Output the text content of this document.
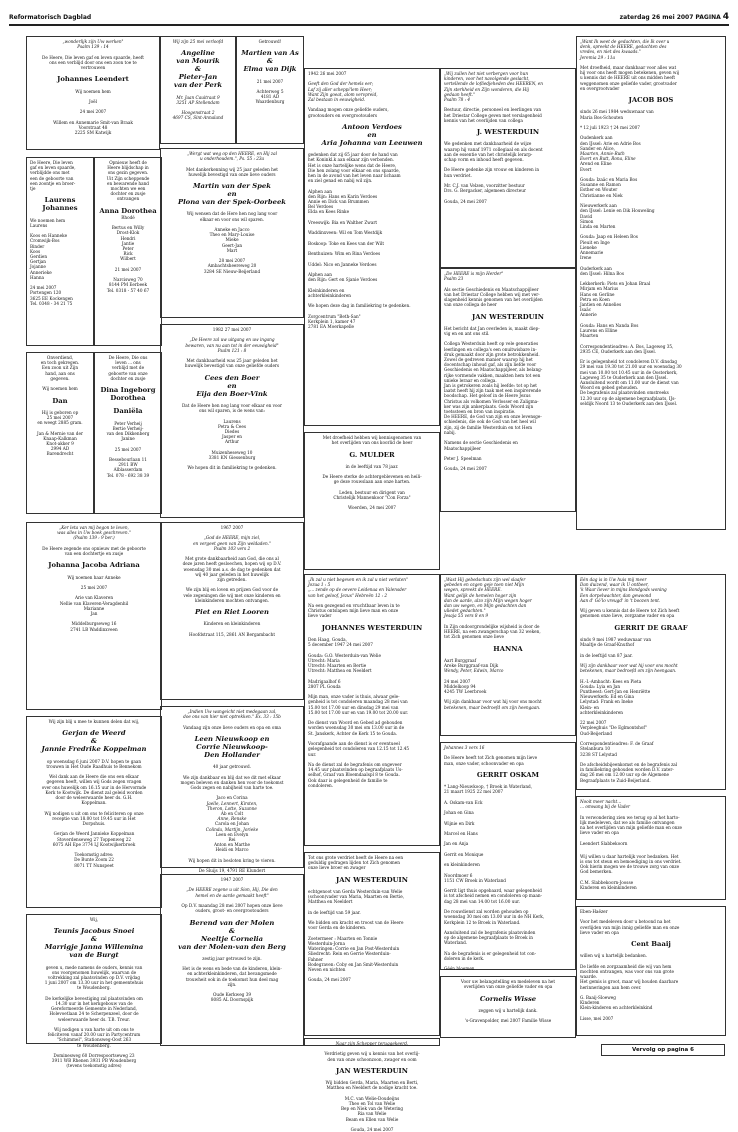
Reformatorisch Dagblad	zaterdag 26 mei 2007 PAGINA 4
„wonderlijk zijn Uw werken"
Psalm 139 : 14

De Heere, Die leven gaf en leven spaarde, heeft
ons een verblijd door ons een zoon toe te
vertrouwen

Johannes Leendert

Wij noemen hem

Joël

24 mei 2007

Willem en Annemarie Smit-van Braak
Voorstraat 48
2225 SM Katwijk
Wij zijn 25 mei verloofd

Angeline
van Mourik
&
Pieter-Jan
van der Perk

Mr. Jaan Cauitraat 9
3251 AP Stellendam

Hoogenstraat 2
4697 CS, Sint-Annaland
Getrouwd!

Martien van As
&
Elma van Dijk

21 mei 2007

Achterweg 5
4181 AD
Waardenburg
De Heere, Die leven
gaf en leven spaarde,
verblijdde ons met
een de geboorte van
een zoontje en broer-
tje

Laurens
Johannes

We noemen hem
Laurens

Koos en Hanneke
Cromwijk-Bos
Binder
Koos
Gerdien
Gertjan
Jojanne
Annerieke
Hanna

24 mei 2007
Portengen 120
3625 EE Kockengen
Tel. 0348 - 34 21 75
Opnieuw heeft de
Heere blijdschap in
ons gezin gegeven.
Uit Zijn scheppende
en bewarende hand
mochten we een
dochter en zusje
ontvangen

Anna Dorothea
Rhodé

Bertus en Willy
Drost-Klok
Hendri
Jantie
Peter
Rick
Wilbert

21 mei 2007

Narcisweg 70
8144 PM Eerbeek
Tel. 0318 - 57 40 67
Onverdiend,
en toch gekregen.
Een zoon uit Zijn
hand, aan ons
gegeven.

Wij noemen hem

Dan

Hij is geboren op
25 mei 2007
en weegt 2885 gram.

Jan & Mernie van der
Knaap-Kalkman
Knot-akker 9
2994 AD
Barendrecht
De Heere, Die ons
leven ... ons
verblijd met de
geboorte van onze
dochter en zusje

Dina Ingeborg
Dorothea

Daniëla

Peter Verheij
Bertie Verheij-
van den Dikkenberg
Janine

25 mei 2007

Bessebourlaan 11
2911 BW
Alblasserdam
Tel. 078 - 692 38 39
„Ker leta van mij begon te leven,
was alles in Uw boek geschreven."
(Psalm 139 : 9 ber.)

De Heere zegende ons opnieuw met de geboorte
van een dochtertje en zusje

Johanna Jacoba Adriana

Wij noemen haar Anneke

25 mei 2007

Arie van Klaveren
Nellie van Klaveren-Veragdenhil
Marianne
Jan

Middelburgseweg 16
2741 LB Waddinxveen
Wij zijn blij u mee te kunnen delen dat wij,

Gerjan de Weerd
&
Jannie Fredrike Koppelman

op woensdag 6 juni 2007 D.V. hopen te gaan
trouwen in Het Oude Raadhuis te Bennekom

Wel dank aan de Heere die ons een elkaar
gegeven heeft, willen wij Gods zegen vragen
over ons huwelijk om 16.15 uur in de Hervormde
Kerk te Kootwijk. De dienst zal geleid worden
door de weleerwaarde heer ds. G.H.
Koppelman.

Wij nodigen u uit om ons te feliciteren op onze
receptie van 18.00 tot 19.45 uur in Het
Dorpshuis.

Gerjan de Weerd Jannieke Koppelman
Stoverdenseweg 27 Toppenweg 22
6075 AH Epe 3774 LJ Kootwijkerbroek

Toekomstig adres:
De Bunte Zoom 22
8071 TT Nunspeet
Wij,

Teunis Jacobus Snoei
&
Marrigje Janna Willemina
van de Burgt

geven u, mede namens de ouders, kennis van
ons voorgenomen huwelijk, waarvan de
voltrekking zal plaatsvinden op D.V. vrijdag
1 juni 2007 om 13.30 uur in het gemeentehuis
te Woudenberg.

De kerkelijke bevestiging zal plaatsvinden om
14.30 uur in het kerkgebouw van de
Gereformeerde Gemeente in Nederland,
Holevoetlaan 24 te Scherpenzeel, door de
weleerwaarde heer ds. T.B. Treur.

Wij nodigen u van harte uit om ons te
feliciteren vanaf 20.00 uur in Partycentrum
"Schimmel", Stationsweg-Oost 263
te Woudenberg.

Dominesweg 60 Dorrespoortseweg 23
3911 WB Rhenen 3931 PB Woudenberg
(tevens toekomstig adres)
„Wergt wat weg op den HEERE, en Hij zal
u onderhoudem.", Ps. 55 : 23a

Met dankerkenning wij 25 jaar geleden het
huwelijk bevestigd van onze lieve ouders

Martin van der Spek
en
Plona van der Spek-Oorbeek

Wij wensen dat de Here hen nog lang voor
elkaar en voor ons wil sparen.

Anneke en Jacco
Theo en Mary-Louise
Mieke
Geert-Jan
Mart

28 mei 2007
Ambachtsheereweg 20
3284 SE Nieuw-Beijerland
1982 27 mei 2007

„De Heere zal uw uitgang en uw ingang
bewaren, van nu aan tot in der eeuwigheid"
Psalm 121 : 8

Met dankbaarheid was 25 jaar geleden het
huwelijk bevestigd van onze geliefde ouders

Cees den Boer
en
Eija den Boer-Vink

Dat de Heere hen nog lang voor elkaar en voor
ons wil sparen, is de wens van:

Laurens
Petra & Cees
Diedes
Jasper en
Arthur

Muizenheseweg 10
3381 KN Giessenburg

We hopen dit in familiekring te gedenken.
1967 2007

„God de HEERE, mijn ziel,
en vergeet geen van Zijn weldaden."
Psalm 103 vers 2

Met grote dankbaarheid aan God, die ons al
deze jaren heeft gesloechen, hopen wij op D.V.
woensdag 30 mei a.s. de dag te gedenken dat
wij 40 jaar geleden in het huwelijk
zijn getreden.

We zijn blij en loven en prijzen God voor de
vele zegeningen die wij met onze kinderen en
kleinkinderen mochten ontvangen.

Piet en Riet Looren

Kinderen en kleinkinderen

Hoofdstraat 115, 2861 AN Bergambacht
„Indien Uw wangeicht niet medegaan zal,
doe ons van hier niet optrekken." Ex. 33 : 15b

Vandaag zijn onze lieve ouders en opa en oma

Leen Nieuwkoop en
Corrie Nieuwkoop-
Den Hollander

40 jaar getrouwd.

We zijn dankbaar en blij dat we dit met elkaar
mogen beleven en danken hen voor de toekomst
Gods zegen en nabijheid van harte toe.

Jaco en Corina
Jaelle, Lennert, Kirsten,
Theron, Lotte, Suzanne
Ab en Colt
Anne, Renske
Carola en Johan
Colinda, Martijn, Jorieke
Leen en Evelyn
Rei
Anton en Marthe
Heidi en Marco

Wij hopen dit in besloten kring te vieren.

De Sluijs 19, 4791 RE Klundert
1947 2007

„De HEERE zegene u uit Sion, Hij, Die den
hemel en de aarde gemaakt heeft"

Op D.V. maandag 28 mei 2007 hopen onze lieve
ouders, groot- en overgrootouders

Berend van der Molen
&
Neeltje Cornelia
van der Molen-van den Berg

zestig jaar getrouwd te zijn.

Het is de wens en bede van de kinderen, klein-
en achterkleinkinderen, dat bevangsmede
trouwheit ook in de toekomst hun deel mag
zijn.

Oude Kerkweg 39
8085 AL Doornspijk
1942 26 mei 2007

Geeft den God der hemels eer;
Laf zij aller scheppi'lem Heer;
Want Zijn goeat, alom vervpreid,
Zal bestaan in eeuwigheid.

Vandaag mogen onze geliefde ouders,
grootouders en overgrootouders

Antoon Verdoes
en
Aria Johanna van Leeuwen

gedenken dat zij 65 jaar door de hand van
het Koninkl.k aan elkaar zijn verbonden.
Het is onze hartelijke wens dat de Heere,
Die hen zolang voor elkaar en ons spaarde,
hen in de avond van het leven naar lichaam
en ziel genad en nabij wil zijn.

Alphen aan
den Rijn: Hans en Karin Verdoes
Annie en Dick van Brummen
Bel Verdoes
Elda en Kees Rinke

Vreeswijk: Bia en Walther Zwart

Waddinxveen: Wil en Tom Westdijk

Boskoop: Toke en Kees van der Wilt

Benthuizen: Wim en Rina Verdoes

Uddel: Nico en Janneke Verdoes

Alphen aan
den Rijn: Gert en Sjanie Verdoes

Kleinkinderen en
achterkleinkinderen

We hopen deze dag in familiekring te gedenken.

Zorgcentrum "Beth-San"
Kerkplein 1, kamer 47
2781 EA Moerkapelle
Met droefheid hebben wij kennisgenomen van
het overlijden van ons koorlid de heer

G. MULDER

in de leeftijd van 78 jaar.

De Heere sterke de achtergeblevenen en heili-
ge deze rouwslaan aan onze harten.

Leden, bestuur en dirigent van
Christelijk Mannenkoor "Con Forza"

Woerden, 24 mei 2007
„Wij zullen het niet verbergen voor hun
kinderen, voor het navolgende geslacht,
vertellende de lofliedjeheden des HEEREN, en
Zijn sterkheid en Zijn wonderen, die Hij
gedaan heeft."
Psalm 78 : 4

Bestuur, directie, personeel en leerlingen van
het Driestar College geven met verslagenheid
kennis van het overlijden van collega

J. WESTERDUIN

We gedenken met dankbaarheid de wijze
waarop hij vanaf 1971 collegiaal en als docent
aan de essentie van het christelijk lerarp-
schap vorm en inhoud heeft gegeven.

De Heere gedenke zijn vrouw en kinderen in
hun verdriet.

Mr. C.J. van Velzen, voorzitter bestuur
Drs. G. Bergacker, algemeen directeur

Gouda, 24 mei 2007
„De HEERE is mijn Herder"
Psalm 23

Als sectie Geschiedenis en Maatschappijleer
van het Driestar College hebben wij met ver-
slagenheid kennis genomen van het overlijden
van onze collega de heer

JAN WESTERDUIN

Het bericht dat Jan overleden is, maakt diep-
vig en en ant ons stil.

Collega Westerduin heeft op vele generaties
leerlingen en collega's een onuitwisbare in-
druk gemaakt door zijn grote betrokkenheid.
Zowel de gedreven manier waarop hij het
docentschap inhoud gaf, als zijn liefde voor
Geschiedenis en Maatschappijleer, als belang-
rijke vormende vakken, maakten hem tot een
unieke leraar en collega.
Jan is getrokeren zoals hij leefde: tot op het
laatst heeft hij zijn taak met een inspirerende
boodschap. Het geloof in de Heere Jezus
Christus als volkomen Verlosser en Zaligma-
ker was zijn ankerplaats. Gods Woord zijn
toetssteen en bron van inspiratie.
De HEERE, de God van zijn en onze levensge-
schiedenis, die ook de God van het heel wil
zijn, zij de familie Westerduin en tot Hem
nabij.

Namens de sectie Geschiedenis en
Maatschappijleer

Peter J. Speelman

Gouda, 24 mei 2007
„Ik zal u niet begeven en ik zal u niet verlaten"
Jozua 1 : 5
„... zende op de oevere Leidenaa en Valensder
van het geloof, Jezus" Hebreën 12 : 2

Na een gezegend en vruchtbaar leven in te
Christus ontslapen mijn lieve man en onze
lieve vader

JOHANNES WESTERDUIN

Den Haag, Gouda,
5 december 1947 24 mei 2007

Gouda: G.O. Westerduin-van Welie
Utrecht: Maria
Utrecht: Maarten en Bertie
Utrecht: Matthea en Neeldert

Madrigaalhof 6
2807 PL Gouda

Mijn man, onze vader is thuis, alwaar gele-
genheid is tot condoleren maandag 28 mei van
15.00 tot 17.00 uur en dinsdag 29 mei van
15.00 tot 17.00 uur en van 19.00 tot 20.00 uur.

De dienst van Woord en Gebed ad gebouden
worden woensdag 30 mei om 13.00 uur in de
St. Janskerk, Achter de Kerk 15 te Gouda.

Voorafgaande aan de dienst is er eventueel
gelegenheid tot condoleren van 12.15 tot 12.45
uur.

Na de dienst zal de begrafenis om ongeveer
14.45 uur plaatsvinden op begraafplaats Us-
selhof, Graaf van Bloemdaalspl 8 te Gouda.
Ook daar is gelegenheid de familie te
condoleren.
Tot ons grote verdriet heeft de Heere na een
geduldig gedragen lijden tot Zich genomen
onze lieve broer en zwager

JAN WESTERDUIN

echtgenoot van Gerda Westerduin-van Welie
(schoon)vader van Maria, Maarten en Bertie,
Matthea en Neeldert

in de leeftijd van 59 jaar.

We bidden om kracht en troost van de Heere
voor Gerda en de kinderen.

Zoetermeer : Maarten en Tonnie
Westerduin-Jorna
Wateringen: Corrie en Jan Post-Westerduin
Sliedrecht: Rein en Gerrie Westerduin-
Fahner
Bodegraven: Coby en Jan Smit-Westerduin
Neven en nichten

Gouda, 24 mei 2007
Naar zijn Schepper teruggekeerd.

Verdrietig geven wij u kennis van het overlij-
den van onze schoonzoon, zwager en oom

JAN WESTERDUIN

Wij bidden Gerda, Maria, Maarten en Berti,
Matthea en Neeldert de nodige kracht toe.

M.C. van Welie-Doudeijns
Theo en Tol van Welie
Bep en Niek van de Wetering
Ria van Welie
Beam en Ellen van Welie

Gouda, 24 mei 2007
„Wast Hij gebedschuts zijn wel slaafer
gebeden en ozgen geje toen niet Mijn
wegen, spreekt de HEERE.
Want gelijk de hemelen hoger zijn
dan de aarde, alzo zijn Mijn wegen hoger
dan uw wegen, en Mijn gedachten dan
uliedet gedachten."
Jesaja 55 vers 8 en 9

In Zijn ondoorgrondelijke wijsheid is door de
HEERE, na een zwangerschap van 32 weken,
tot Zich genomen onze lieve

HANNA

Aart Burggraaf
Areke Burggraaf-van Dijk
Wendy, Peter, Edwin, Marco

24 mei 2007
Middelkoop 94
4245 TW Leerbroek

Wij zijn dankbaar voor wat hij voor ons mocht
betekenen, maar bedroefd om zijn heengaan.
Johannes 3 vers 16

De Heere heeft tot Zich genomen mijn lieve
man, onze vader, schoonvader en opa

GERRIT OSKAM

* Lang-Nieuwkoop, † Broek in Waterland,
21 maart 1925 22 mei 2007

A. Oskam-van Eck

Johan en Gina

Wijnie en Dirk

Marcel en Hans

Jan en Anja

Gerrit en Monique

en kleinkinderen

Noordmoer 6
1151 CW Broek in Waterland

Gerrit ligt thuis opgebaard, waar gelegenheid
is tot afscheid nemen en condoleren op maan-
dag 28 mei van 14.00 tot 16.00 uur.

De rouwdienst zal worden gehouden op
woensdag 30 mei om 13.00 uur in de NH Kerk,
Kerkplein 12 te Broek in Waterland.

Aansluitend zal de begrafenis plaatsvinden
op de algemene begraafplaats te Broek in
Waterland.

Na de begrafenis is er gelegenheid tot con-
doleren in de kerk.

Géén bloemen
Voor uw belangstelling en medeleven na het
overlijden van onze geliefde vader en opa

Cornelis Wisse

zeggen wij u hartelijk dank.

's-Gravenpolder, mei 2007 Familie Wisse
„Want Ik weet de gedachten, die Ik over u
denk, spreekt de HEERE, gedachten des
vredes, en niet des kwaads."
Jeremia 29 : 11a

Met droefheid, maar dankbaar voor alles wat
hij voor ons heeft mogen betekenen, geven wij
u kennis dat de HEERE uit ons midden heeft
weggenomen onze geliefde vader, grootvader
en overgrootvader

JACOB BOS

sinds 26 mei 1984 weduwnaar van
Maria Bos-Schouten

* 12 juli 1923 † 24 mei 2007

Oudenkerk aan
den IJssel: Arie en Adrie Bos
Sander en Alice,
Maarten, Annie-Ruth
Evert en Butt, Rona, Eline
Arend en Eline
Evert

Gouda: Izaäc en Maria Bos
Susanne en Ramon
Esther en Wouter
Christianne en Niek

Nieuwerkerk aan
den IJssel: Lenie en Dik Houweling
David
Simon
Linda en Marten

Gouda: Jaap en Heleen Bos
Pieuit en Inge
Lieneke
Annemarie
Irene

Ouderkerk aan
den IJssel: Hilna Bos

Lekkerkerk: Piets en Johan Braal
Mirjam en Marius
Hans en Gerline
Petra en Koen
Jantien en Annelies
Isaäc
Annerie

Gouda: Hans en Nanda Bos
Laurens en Elline
Maarten

Correspondentieadres: A. Bos, Lageweg 35,
2935 CE, Ouderkerk aan den IJssel.

Er is gelegenheid tot condoleren D.V. dinsdag
29 mei van 19.30 tot 21.00 uur en woensdag 30
mei van 10.00 tot 10.45 uur in de Oosterkerk,
Lageweg 35 te Ouderkerk aan den IJssel.
Aansluitend wordt om 11.00 uur de dienst van
Woord en gebed gehouden.
De begrafenis zal plaatsvinden omstreeks
12.30 uur op de algemene begraafplaats, IJs-
seldijk Noord 13 te Ouderkerk aan den IJssel.
Eén dag is in Uw huis mij meer
Dan duizend, waar ik U ontbeer,
'k Waar liever in mijns Bondgods woning
Een dorpelwachter, dan gewoond
Aan d' Góʼlo vreugd' in 't boozen tent.

Wij geven u kennis dat de Heere tot Zich heeft
genomen onze lieve, zorgzame vader en opa

GERRIT DE GRAAF

sinds 9 mei 1987 weduwnaar van
Maaltje de Graaf-Knuthof

in de leeftijd van 87 jaar.

Wij zijn dankbaar voor wat hij voor ons mocht
betekenen, maar bedroefd om zijn heengaan.

H.-I.-Ambacht: Kees en Pieta
Gouda: Lyia en Jan
Puntheest: Gert-Jan en Henriëtte
Nieuwerkerk: Ed en Gina
Lelystad: Frank en Ineke
Klein- en
achterkleinkinderen

22 mei 2007
Verpleeghuis "De Eglmontshof"
Oud-Beijerland

Correspondentieadres: F. de Graaf
Stelanbura 10
3238 ST Lelystad

De afscheidsbijeenkomst en de begrafenis zal
in familiekring gehouden worden D.V. zater-
dag 26 mei om 12.00 uur op de Algemene
Begraafplaats te Zuid-Beijerland.
Nooit meer nacht...
... omwang bij de Vader

In verwondering zien we terug op al het harto-
lijk medeleven, dat we als familie ontvangen
na het overlijden van mijn geliefde man en onze
lieve vader en opa

Leendert Slabbekoorn

Wij willen u daar hartelijk voor bedanken. Het
is ons tot steun en bemoediging in ons verdriet.
Ook hierin mogen we de trouwe zorg van onze
God bemerken.

C.M. Slabbekoorn-Joosse
Kinderen en kleinkinderen
Eben-Haëzer

Voor het medeleven door u betoond na het
overlijden van mijn innig geliefde man en onze
lieve vader en opa

Cent Baaij

willen wij u hartelijk bedanken.

De liefde en zorgzaamheid die wij van hem
mochten ontvangen, was voor ons van grote
waarde.
Het gemis is groot, maar wij houden daarbare
herinneringen aan hem over.

G. Baaij-Sloeweg
Kinderen
Klein-kinderen en achterkleinkind

Lisse, mei 2007
Vervolg op pagina 6
